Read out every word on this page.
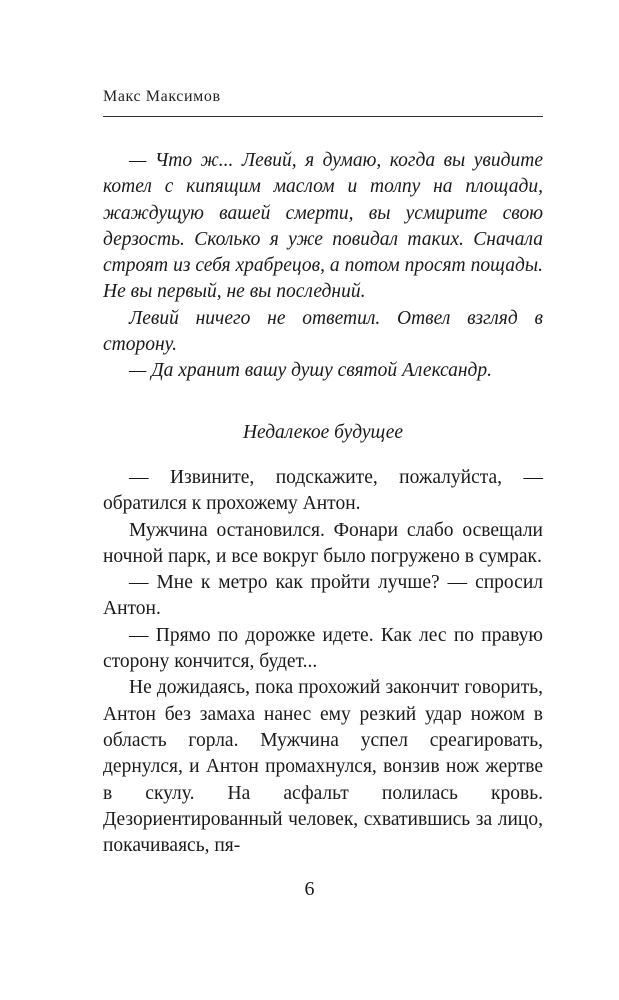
Макс Максимов

— Что ж... Левий, я думаю, когда вы увидите котел с кипящим маслом и толпу на площади, жаждущую вашей смерти, вы усмирите свою дерзость. Сколько я уже повидал таких. Сначала строят из себя храбрецов, а потом просят пощады. Не вы первый, не вы последний.

Левий ничего не ответил. Отвел взгляд в сторону.

— Да хранит вашу душу святой Александр.

Недалекое будущее

— Извините, подскажите, пожалуйста, — обратился к прохожему Антон.

Мужчина остановился. Фонари слабо освещали ночной парк, и все вокруг было погружено в сумрак.

— Мне к метро как пройти лучше? — спросил Антон.

— Прямо по дорожке идете. Как лес по правую сторону кончится, будет...

Не дожидаясь, пока прохожий закончит говорить, Антон без замаха нанес ему резкий удар ножом в область горла. Мужчина успел среагировать, дернулся, и Антон промахнулся, вонзив нож жертве в скулу. На асфальт полилась кровь. Дезориентированный человек, схватившись за лицо, покачиваясь, пя-

6
